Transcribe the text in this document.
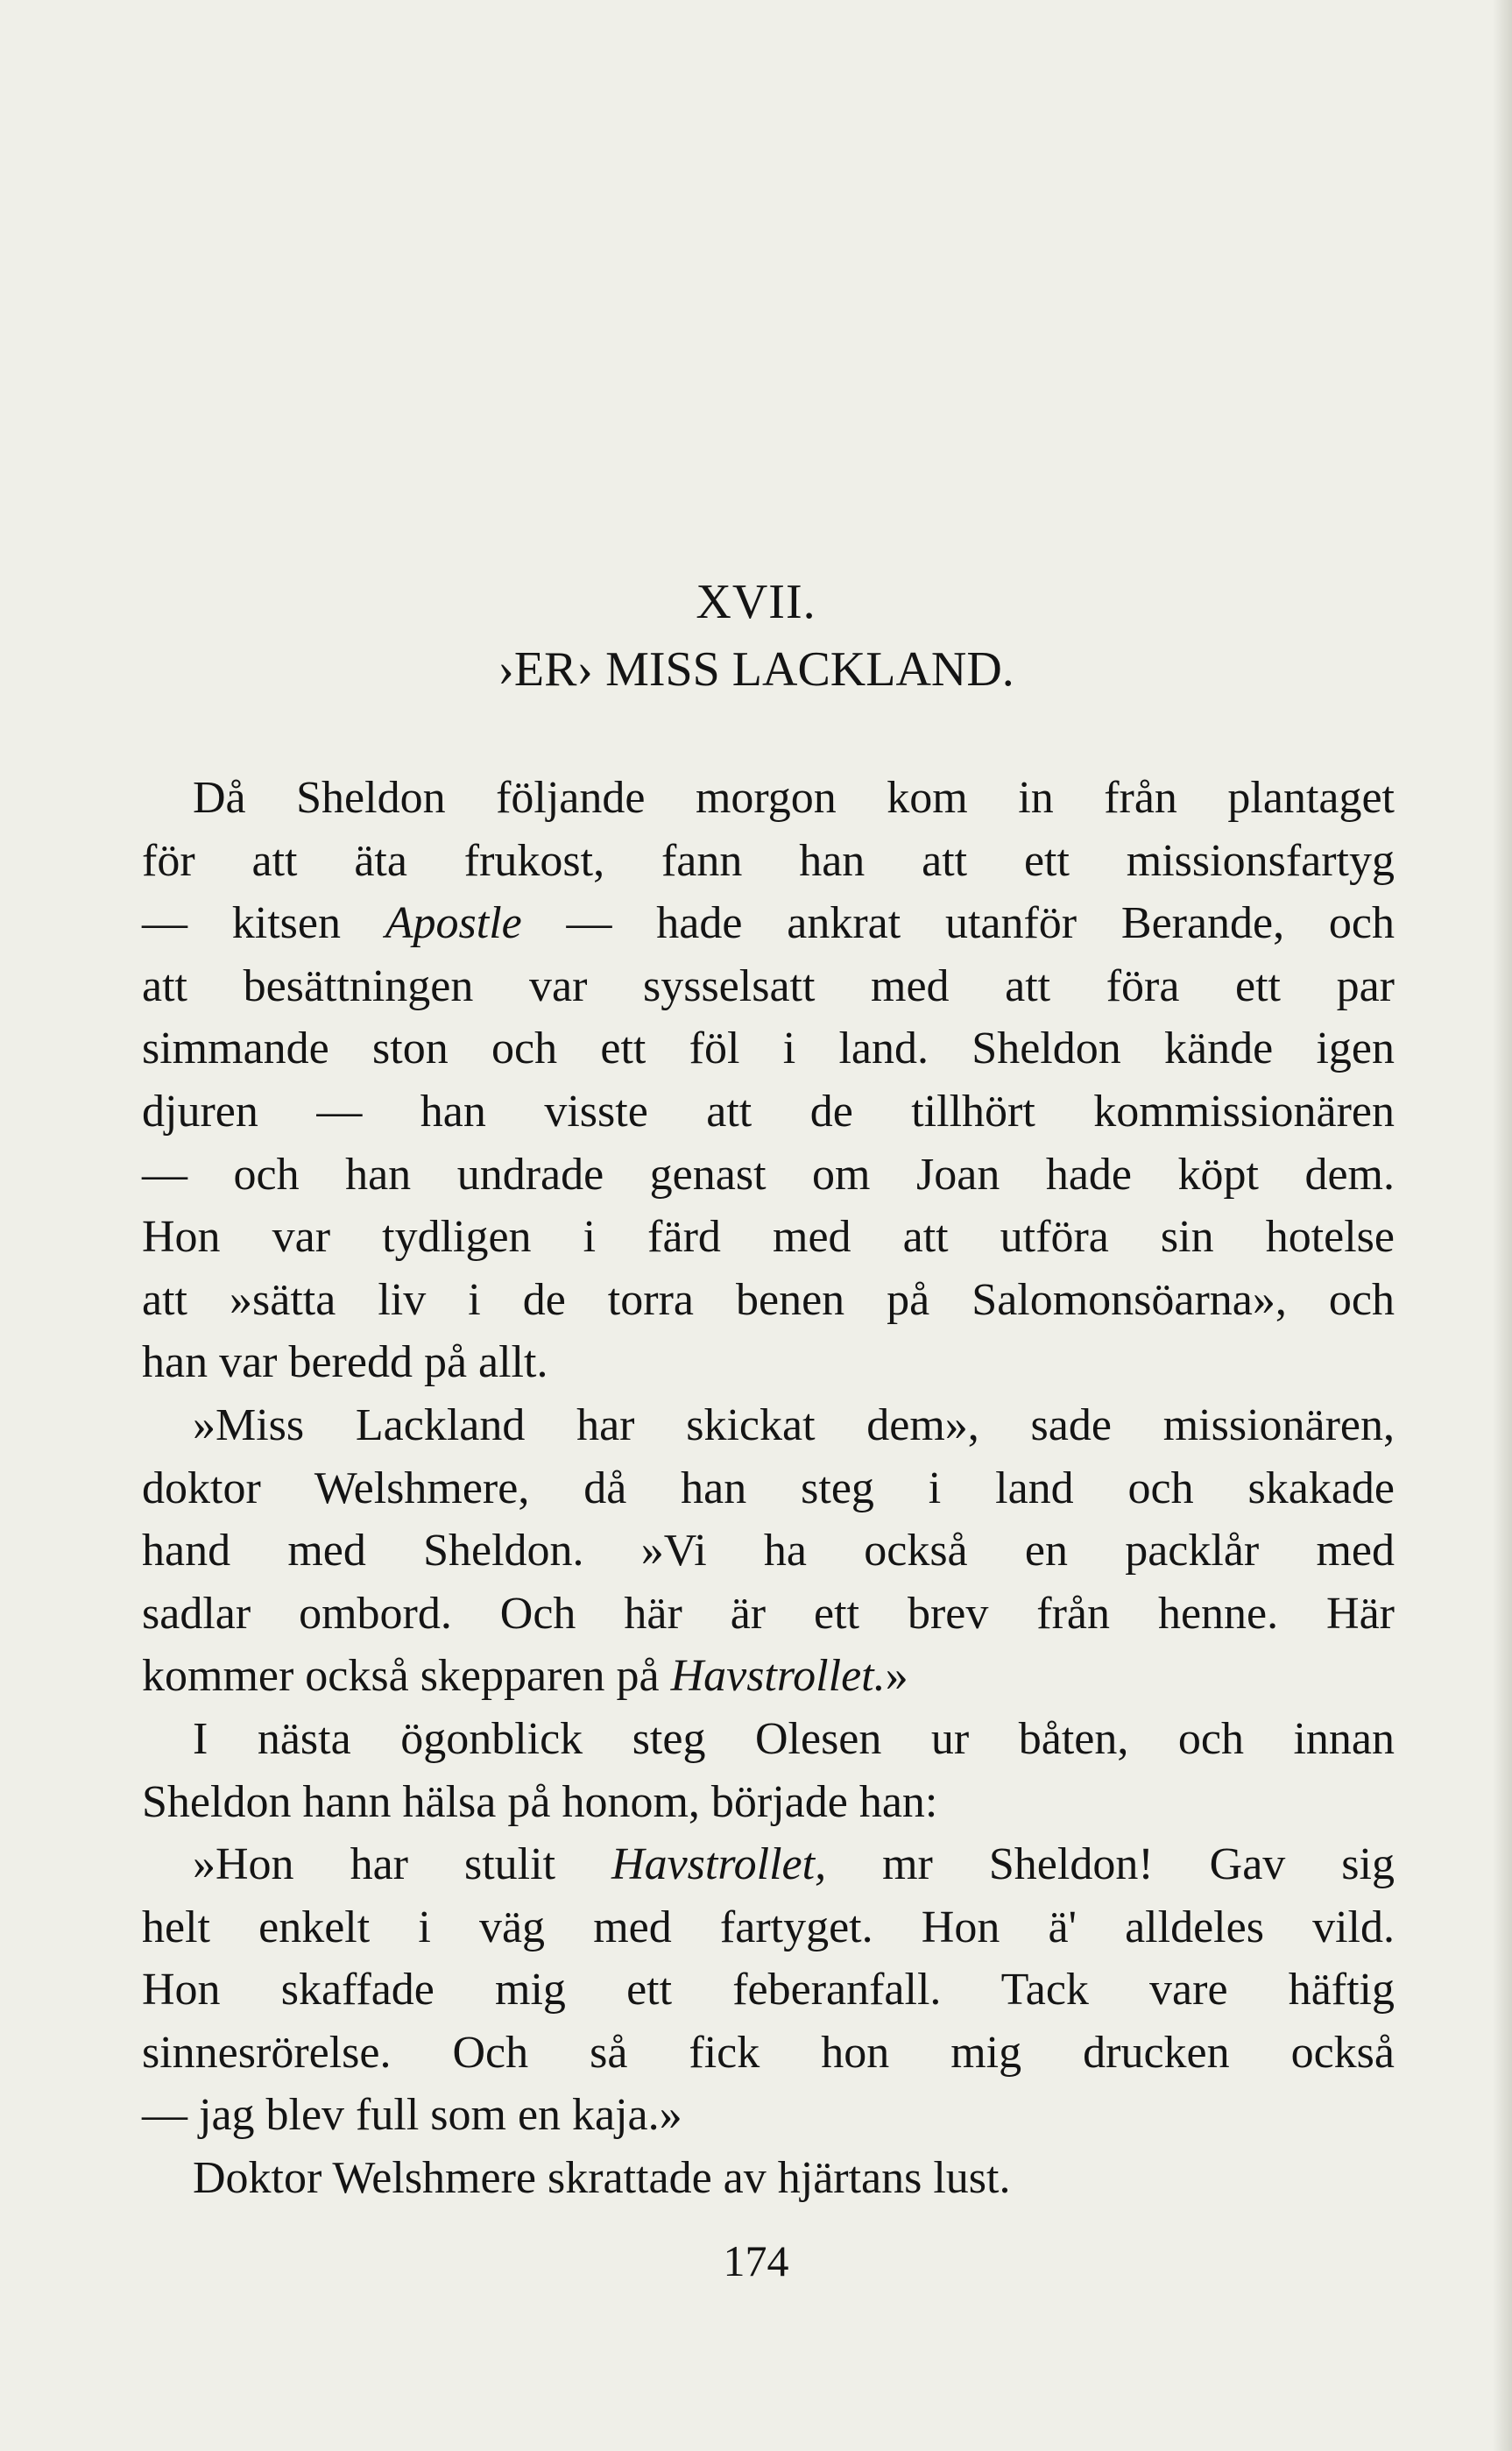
XVII.
›ER› MISS LACKLAND.
Då Sheldon följande morgon kom in från plantaget
för att äta frukost, fann han att ett missionsfartyg
— kitsen Apostle — hade ankrat utanför Berande, och
att besättningen var sysselsatt med att föra ett par
simmande ston och ett föl i land. Sheldon kände igen
djuren — han visste att de tillhört kommissionären
— och han undrade genast om Joan hade köpt dem.
Hon var tydligen i färd med att utföra sin hotelse
att »sätta liv i de torra benen på Salomonsöarna», och
han var beredd på allt.
»Miss Lackland har skickat dem», sade missionären,
doktor Welshmere, då han steg i land och skakade
hand med Sheldon. »Vi ha också en packlår med
sadlar ombord. Och här är ett brev från henne. Här
kommer också skepparen på Havstrollet.»
I nästa ögonblick steg Olesen ur båten, och innan
Sheldon hann hälsa på honom, började han:
»Hon har stulit Havstrollet, mr Sheldon! Gav sig
helt enkelt i väg med fartyget. Hon ä' alldeles vild.
Hon skaffade mig ett feberanfall. Tack vare häftig
sinnesrörelse. Och så fick hon mig drucken också
— jag blev full som en kaja.»
Doktor Welshmere skrattade av hjärtans lust.
174
